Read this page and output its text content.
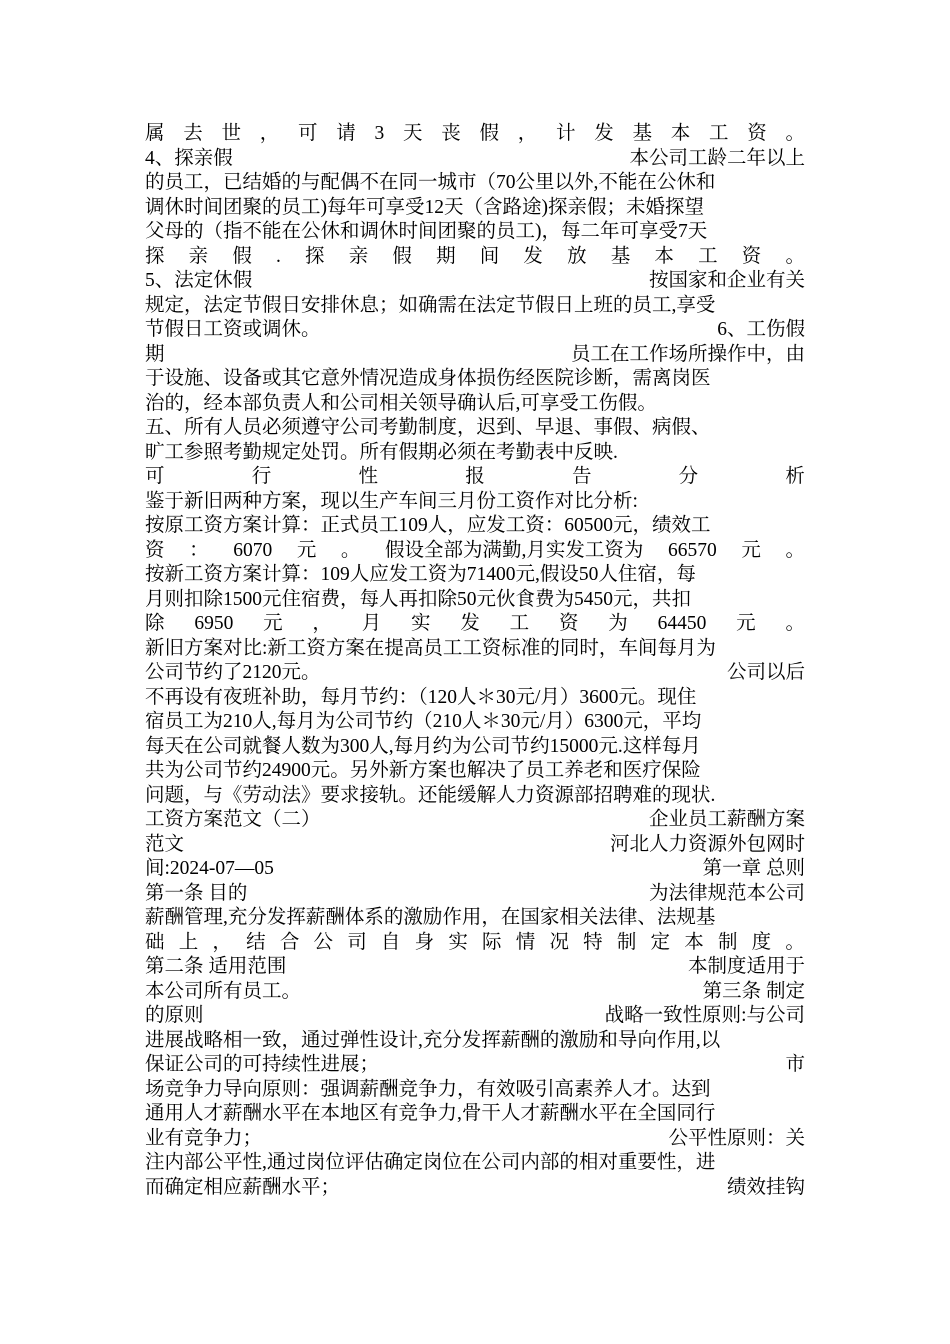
属 去 世 ， 可 请 3 天 丧 假 ， 计 发 基 本 工 资 。
4、探亲假	本公司工龄二年以上
的员工，已结婚的与配偶不在同一城市（70公里以外,不能在公休和
调休时间团聚的员工)每年可享受12天（含路途)探亲假；未婚探望
父母的（指不能在公休和调休时间团聚的员工)，每二年可享受7天
探 亲 假 . 探 亲 假 期 间 发 放 基 本 工 资 。
5、法定休假	按国家和企业有关
规定，法定节假日安排休息；如确需在法定节假日上班的员工,享受
节假日工资或调休。	6、工伤假
期	员工在工作场所操作中，由
于设施、设备或其它意外情况造成身体损伤经医院诊断，需离岗医
治的，经本部负责人和公司相关领导确认后,可享受工伤假。
五、所有人员必须遵守公司考勤制度，迟到、早退、事假、病假、
旷工参照考勤规定处罚。所有假期必须在考勤表中反映.
可	行	性	报	告	分	析
鉴于新旧两种方案，现以生产车间三月份工资作对比分析:
按原工资方案计算：正式员工109人，应发工资：60500元，绩效工
资 ： 6070 元 。 假设全部为满勤,月实发工资为 66570 元 。
按新工资方案计算：109人应发工资为71400元,假设50人住宿，每
月则扣除1500元住宿费，每人再扣除50元伙食费为5450元，共扣
除 6950 元 ， 月 实 发 工 资 为 64450 元 。
新旧方案对比:新工资方案在提高员工工资标准的同时，车间每月为
公司节约了2120元。	公司以后
不再设有夜班补助，每月节约：（120人＊30元/月）3600元。现住
宿员工为210人,每月为公司节约（210人＊30元/月）6300元，平均
每天在公司就餐人数为300人,每月约为公司节约15000元.这样每月
共为公司节约24900元。另外新方案也解决了员工养老和医疗保险
问题，与《劳动法》要求接轨。还能缓解人力资源部招聘难的现状.
工资方案范文（二）	企业员工薪酬方案
范文	河北人力资源外包网时
间:2024-07—05	第一章 总则
第一条 目的	为法律规范本公司
薪酬管理,充分发挥薪酬体系的激励作用，在国家相关法律、法规基
础 上 ， 结 合 公 司 自 身 实 际 情 况 特 制 定 本 制 度 。
第二条 适用范围	本制度适用于
本公司所有员工。	第三条 制定
的原则	战略一致性原则:与公司
进展战略相一致，通过弹性设计,充分发挥薪酬的激励和导向作用,以
保证公司的可持续性进展；	市
场竞争力导向原则：强调薪酬竞争力，有效吸引高素养人才。达到
通用人才薪酬水平在本地区有竞争力,骨干人才薪酬水平在全国同行
业有竞争力；	公平性原则：关
注内部公平性,通过岗位评估确定岗位在公司内部的相对重要性，进
而确定相应薪酬水平；	绩效挂钩
